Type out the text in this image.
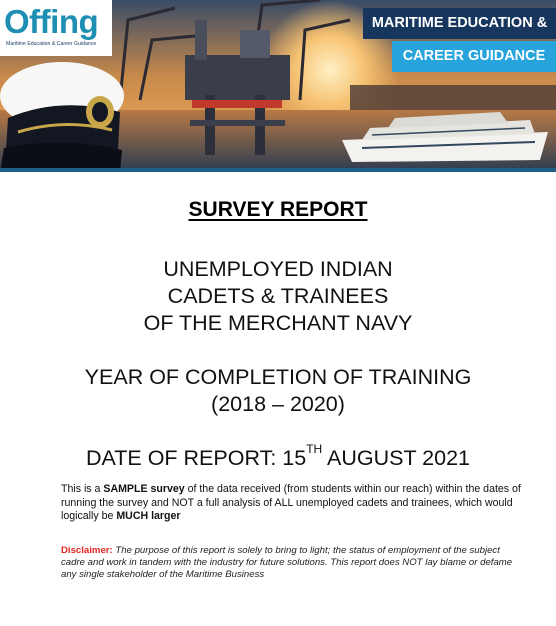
Offing
Maritime Education & Career Guidance
MARITIME EDUCATION &
CAREER GUIDANCE
SURVEY REPORT
UNEMPLOYED INDIAN
CADETS & TRAINEES
OF THE MERCHANT NAVY
YEAR OF COMPLETION OF TRAINING
(2018 – 2020)
DATE OF REPORT: 15TH AUGUST 2021
This is a SAMPLE survey of the data received (from students within our reach) within the dates of running the survey and NOT a full analysis of ALL unemployed cadets and trainees, which would logically be MUCH larger
Disclaimer: The purpose of this report is solely to bring to light; the status of employment of the subject cadre and work in tandem with the industry for future solutions. This report does NOT lay blame or defame any single stakeholder of the Maritime Business
